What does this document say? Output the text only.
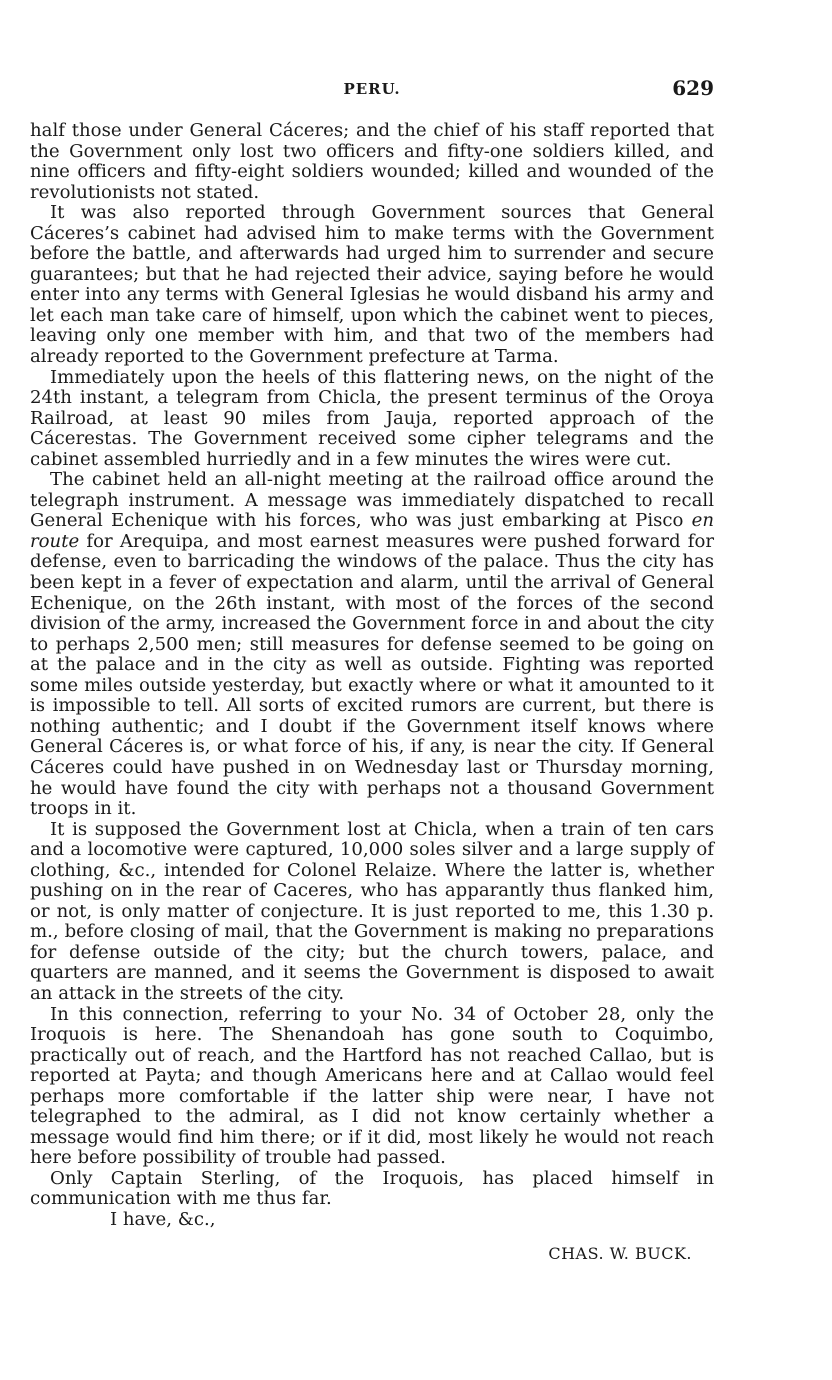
PERU.	629

half those under General Cáceres; and the chief of his staff reported that the Government only lost two officers and fifty-one soldiers killed, and nine officers and fifty-eight soldiers wounded; killed and wounded of the revolutionists not stated.

It was also reported through Government sources that General Cáceres’s cabinet had advised him to make terms with the Government before the battle, and afterwards had urged him to surrender and secure guarantees; but that he had rejected their advice, saying before he would enter into any terms with General Iglesias he would disband his army and let each man take care of himself, upon which the cabinet went to pieces, leaving only one member with him, and that two of the members had already reported to the Government prefecture at Tarma.

Immediately upon the heels of this flattering news, on the night of the 24th instant, a telegram from Chicla, the present terminus of the Oroya Railroad, at least 90 miles from Jauja, reported approach of the Cácerestas. The Government received some cipher telegrams and the cabinet assembled hurriedly and in a few minutes the wires were cut.

The cabinet held an all-night meeting at the railroad office around the telegraph instrument. A message was immediately dispatched to recall General Echenique with his forces, who was just embarking at Pisco en route for Arequipa, and most earnest measures were pushed forward for defense, even to barricading the windows of the palace. Thus the city has been kept in a fever of expectation and alarm, until the arrival of General Echenique, on the 26th instant, with most of the forces of the second division of the army, increased the Government force in and about the city to perhaps 2,500 men; still measures for defense seemed to be going on at the palace and in the city as well as outside. Fighting was reported some miles outside yesterday, but exactly where or what it amounted to it is impossible to tell. All sorts of excited rumors are current, but there is nothing authentic; and I doubt if the Government itself knows where General Cáceres is, or what force of his, if any, is near the city. If General Cáceres could have pushed in on Wednesday last or Thursday morning, he would have found the city with perhaps not a thousand Government troops in it.

It is supposed the Government lost at Chicla, when a train of ten cars and a locomotive were captured, 10,000 soles silver and a large supply of clothing, &c., intended for Colonel Relaize. Where the latter is, whether pushing on in the rear of Caceres, who has apparantly thus flanked him, or not, is only matter of conjecture. It is just reported to me, this 1.30 p. m., before closing of mail, that the Government is making no preparations for defense outside of the city; but the church towers, palace, and quarters are manned, and it seems the Government is disposed to await an attack in the streets of the city.

In this connection, referring to your No. 34 of October 28, only the Iroquois is here. The Shenandoah has gone south to Coquimbo, practically out of reach, and the Hartford has not reached Callao, but is reported at Payta; and though Americans here and at Callao would feel perhaps more comfortable if the latter ship were near, I have not telegraphed to the admiral, as I did not know certainly whether a message would find him there; or if it did, most likely he would not reach here before possibility of trouble had passed.

Only Captain Sterling, of the Iroquois, has placed himself in communication with me thus far.

I have, &c.,

CHAS. W. BUCK.
